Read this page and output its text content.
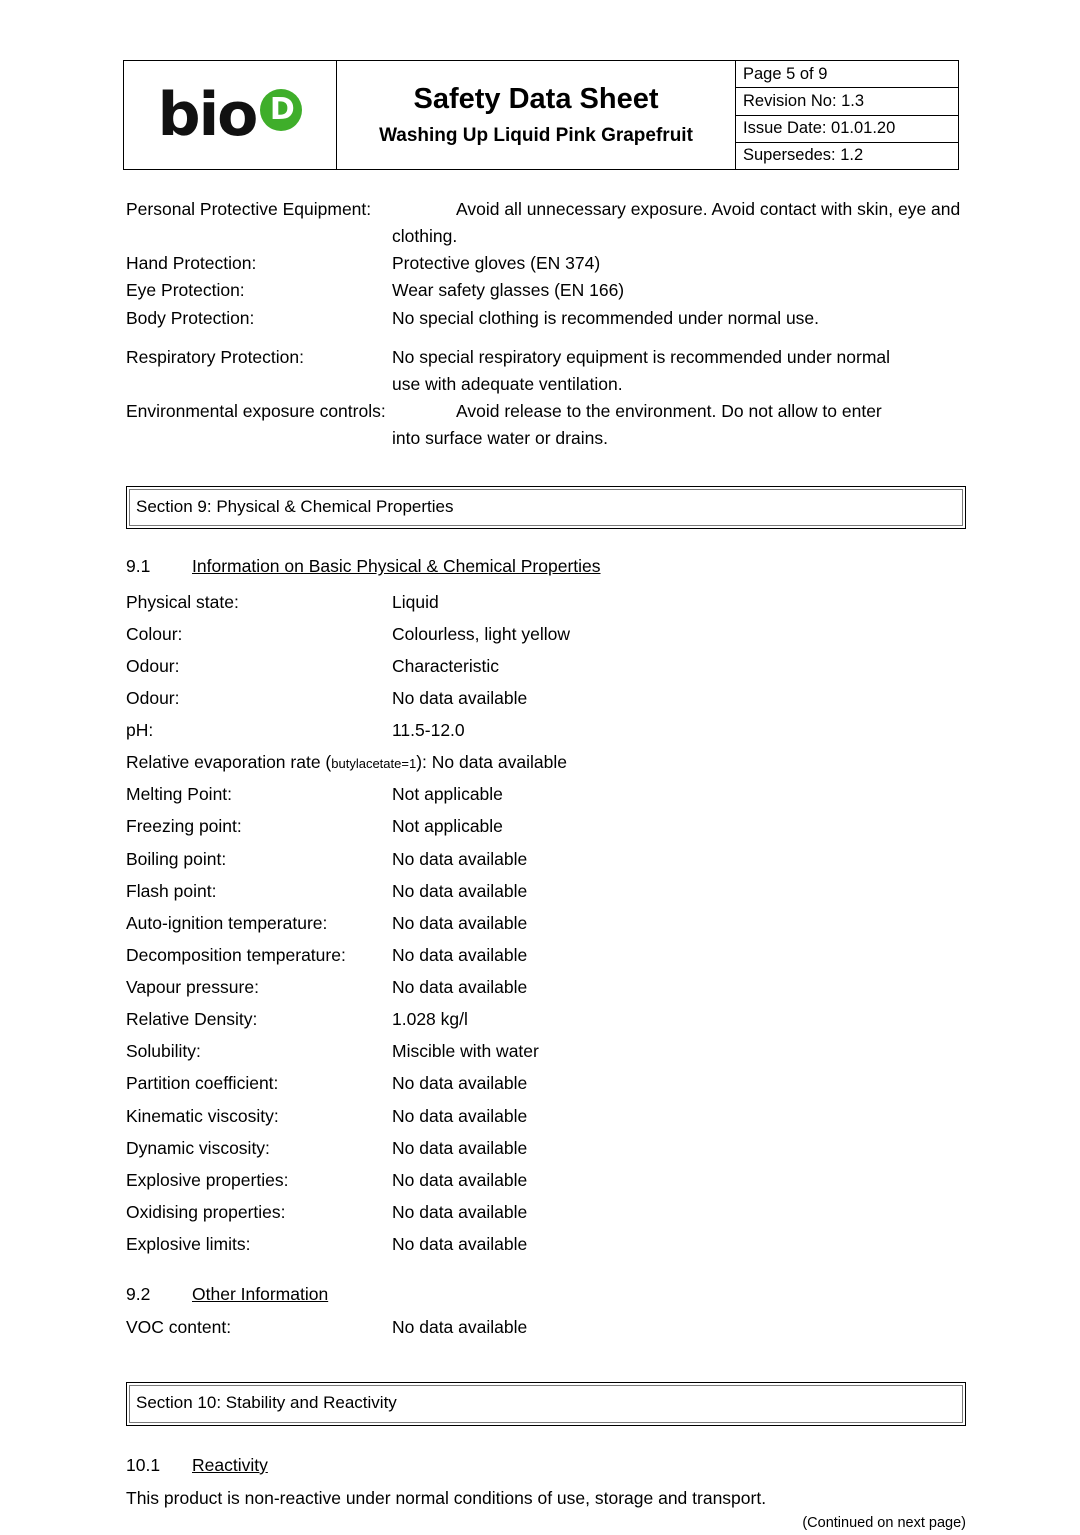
bio D	Safety Data Sheet
Washing Up Liquid Pink Grapefruit
Page 5 of 9
Revision No: 1.3
Issue Date: 01.01.20
Supersedes: 1.2
Personal Protective Equipment:	Avoid all unnecessary exposure. Avoid contact with skin, eye and
clothing.
Hand Protection:	Protective gloves (EN 374)
Eye Protection:	Wear safety glasses (EN 166)
Body Protection:	No special clothing is recommended under normal use.
Respiratory Protection:	No special respiratory equipment is recommended under normal
use with adequate ventilation.
Environmental exposure controls:	Avoid release to the environment. Do not allow to enter
into surface water or drains.
Section 9: Physical & Chemical Properties
9.1 Information on Basic Physical & Chemical Properties
Physical state:	Liquid
Colour:	Colourless, light yellow
Odour:	Characteristic
Odour:	No data available
pH:	11.5-12.0
Relative evaporation rate (butylacetate=1): No data available
Melting Point:	Not applicable
Freezing point:	Not applicable
Boiling point:	No data available
Flash point:	No data available
Auto-ignition temperature:	No data available
Decomposition temperature:	No data available
Vapour pressure:	No data available
Relative Density:	1.028 kg/l
Solubility:	Miscible with water
Partition coefficient:	No data available
Kinematic viscosity:	No data available
Dynamic viscosity:	No data available
Explosive properties:	No data available
Oxidising properties:	No data available
Explosive limits:	No data available
9.2 Other Information
VOC content:	No data available
Section 10: Stability and Reactivity
10.1 Reactivity
This product is non-reactive under normal conditions of use, storage and transport.
(Continued on next page)
